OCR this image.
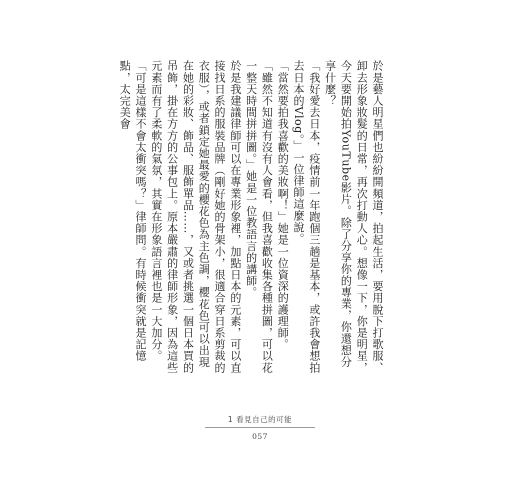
於是藝人明星們也紛紛開頻道，拍起生活，要用脫下打歌服、卸去形象妝髮的日常，再次打動人心。想像一下，你是明星，今天要開始拍YouTube影片。除了分享你的專業，你還想分享什麼？

「我好愛去日本，疫情前一年跑個三趟是基本，或許我會想拍去日本的Vlog。」一位律師這麼說。

「當然要拍我喜歡的美妝啊！」她是一位資深的護理師。

「雖然不知道有沒有人會看，但我喜歡收集各種拼圖，可以花一整天時間拼拼圖。」她是一位教語言的講師。

於是我建議律師可以在專業形象裡，加點日本的元素，可以直接找日系的服裝品牌（剛好她的骨架小，很適合穿日系剪裁的衣服），或者鎖定她最愛的櫻花色為主色調，櫻花色可以出現在她的彩妝、飾品、服飾單品……，又或者挑選一個日本買的吊飾，掛在方方的公事包上。原本嚴肅的律師形象，因為這些元素而有了柔軟的氣氛，其實在形象語言裡也是一大加分。

「可是這樣不會太衝突嗎？」律師問。有時候衝突就是記憶點，太完美會

1 看見自己的可能
057
